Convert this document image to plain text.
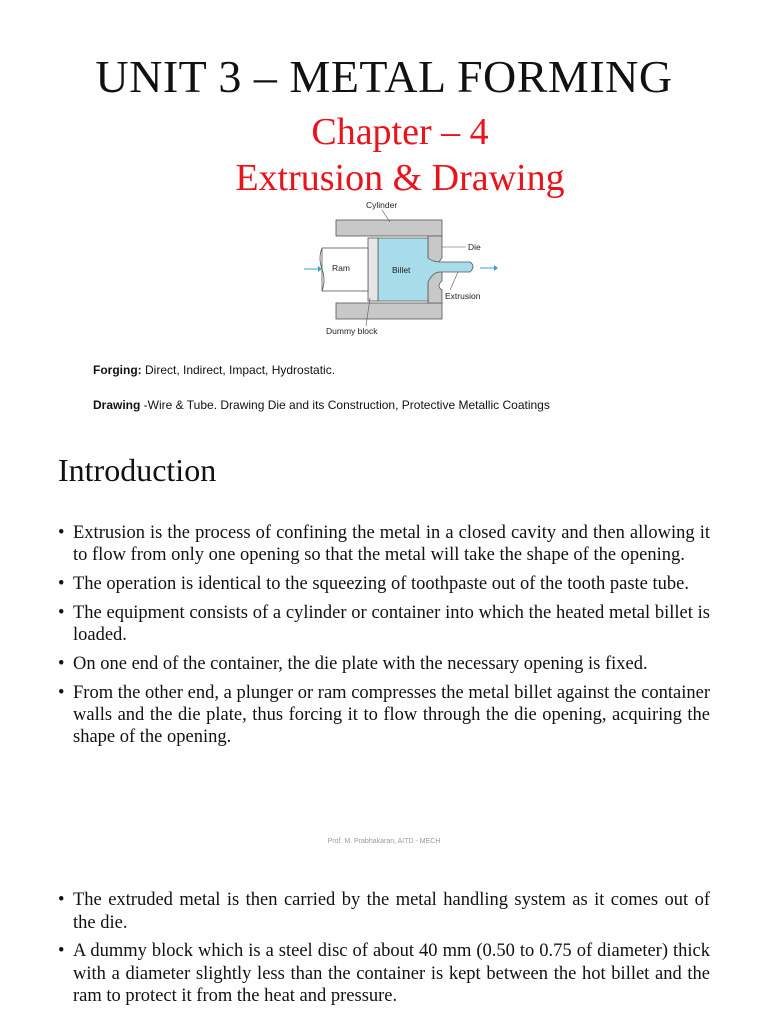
UNIT 3 – METAL FORMING
Chapter – 4
Extrusion & Drawing
Cylinder
Die
Ram	Billet
Extrusion
Dummy block
Forging: Direct, Indirect, Impact, Hydrostatic.
Drawing -Wire & Tube. Drawing Die and its Construction, Protective Metallic Coatings
Introduction
• Extrusion is the process of confining the metal in a closed cavity and then allowing it to flow from only one opening so that the metal will take the shape of the opening.
• The operation is identical to the squeezing of toothpaste out of the tooth paste tube.
• The equipment consists of a cylinder or container into which the heated metal billet is loaded.
• On one end of the container, the die plate with the necessary opening is fixed.
• From the other end, a plunger or ram compresses the metal billet against the container walls and the die plate, thus forcing it to flow through the die opening, acquiring the shape of the opening.
Prof. M. Prabhakaran, AITD - MECH
• The extruded metal is then carried by the metal handling system as it comes out of the die.
• A dummy block which is a steel disc of about 40 mm (0.50 to 0.75 of diameter) thick with a diameter slightly less than the container is kept between the hot billet and the ram to protect it from the heat and pressure.
